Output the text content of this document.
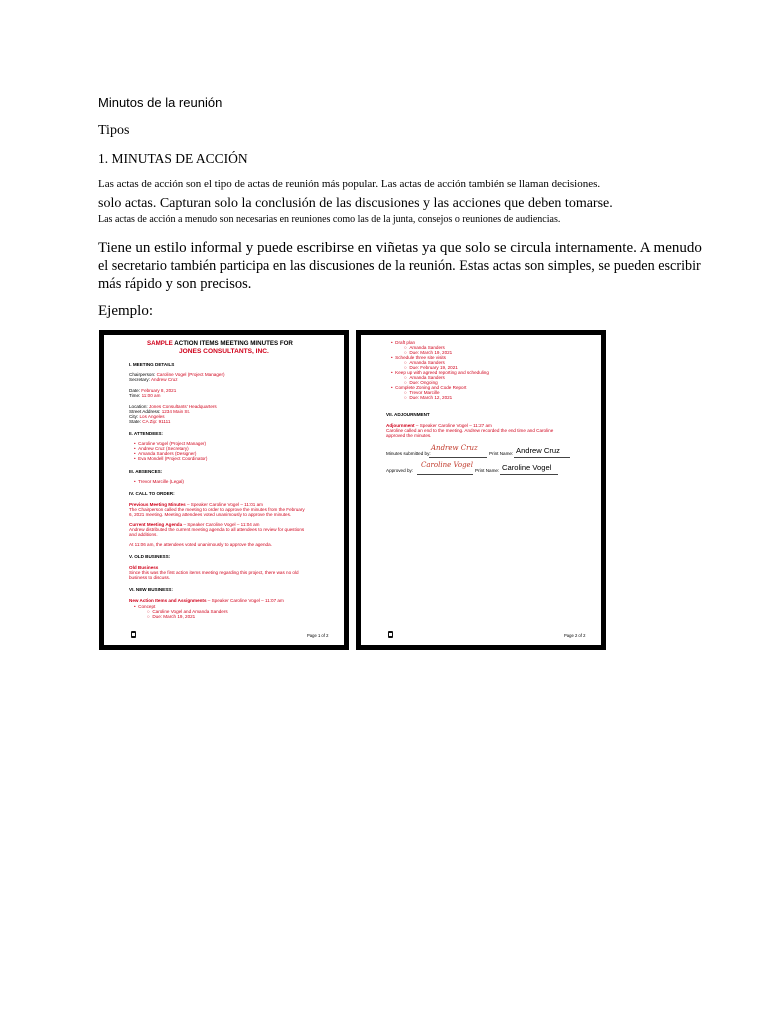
Minutos de la reunión
Tipos
1. MINUTAS DE ACCIÓN
Las actas de acción son el tipo de actas de reunión más popular. Las actas de acción también se llaman decisiones.
solo actas. Capturan solo la conclusión de las discusiones y las acciones que deben tomarse.
Las actas de acción a menudo son necesarias en reuniones como las de la junta, consejos o reuniones de audiencias.
Tiene un estilo informal y puede escribirse en viñetas ya que solo se circula internamente. A menudo
el secretario también participa en las discusiones de la reunión. Estas actas son simples, se pueden escribir
más rápido y son precisos.
Ejemplo:
SAMPLE ACTION ITEMS MEETING MINUTES FOR
JONES CONSULTANTS, INC.
I. MEETING DETAILS
Chairperson: Caroline Vogel (Project Manager)
Secretary: Andrew Cruz
Date: February 8, 2021
Time: 11:00 am
Location: Jones Consultants' Headquarters
Street Address: 1234 Main St.
City: Los Angeles
State: CA Zip: 91111
II. ATTENDEES:
•  Caroline Vogel (Project Manager)
•  Andrew Cruz (Secretary)
•  Amanda Sanders (Designer)
•  Eva Mondell (Project Coordinator)
III. ABSENCES:
•  Trevor Marcille (Legal)
IV. CALL TO ORDER:
Previous Meeting Minutes – Speaker Caroline Vogel – 11:01 am
The Chairperson called the meeting to order to approve the minutes from the February
6, 2021 meeting. Meeting attendees voted unanimously to approve the minutes.
Current Meeting Agenda – Speaker Caroline Vogel – 11:04 am
Andrew distributed the current meeting agenda to all attendees to review for questions
and additions.
At 11:06 am, the attendees voted unanimously to approve the agenda.
V. OLD BUSINESS:
Old Business
Since this was the first action items meeting regarding this project, there was no old
business to discuss.
VI. NEW BUSINESS:
New Action Items and Assignments – Speaker Caroline Vogel – 11:07 am
•  Concept
○  Caroline Vogel and Amanda Sanders
○  Due: March 19, 2021
Page 1 of 2
•  Draft plan
○  Amanda Sanders
○  Due: March 19, 2021
•  Schedule three site visits
○  Amanda Sanders
○  Due: February 19, 2021
•  Keep up with agreed reporting and scheduling
○  Amanda Sanders
○  Due: Ongoing
•  Complete Zoning and Code Report
○  Trevor Marcille
○  Due: March 12, 2021
VII. ADJOURNMENT
Adjournment – Speaker Caroline Vogel – 11:27 am
Caroline called an end to the meeting. Andrew recorded the end time and Caroline
approved the minutes.
Minutes submitted by:
Andrew Cruz
Print Name: Andrew Cruz
Approved by:
Caroline Vogel
Print Name: Caroline Vogel
Page 2 of 2
